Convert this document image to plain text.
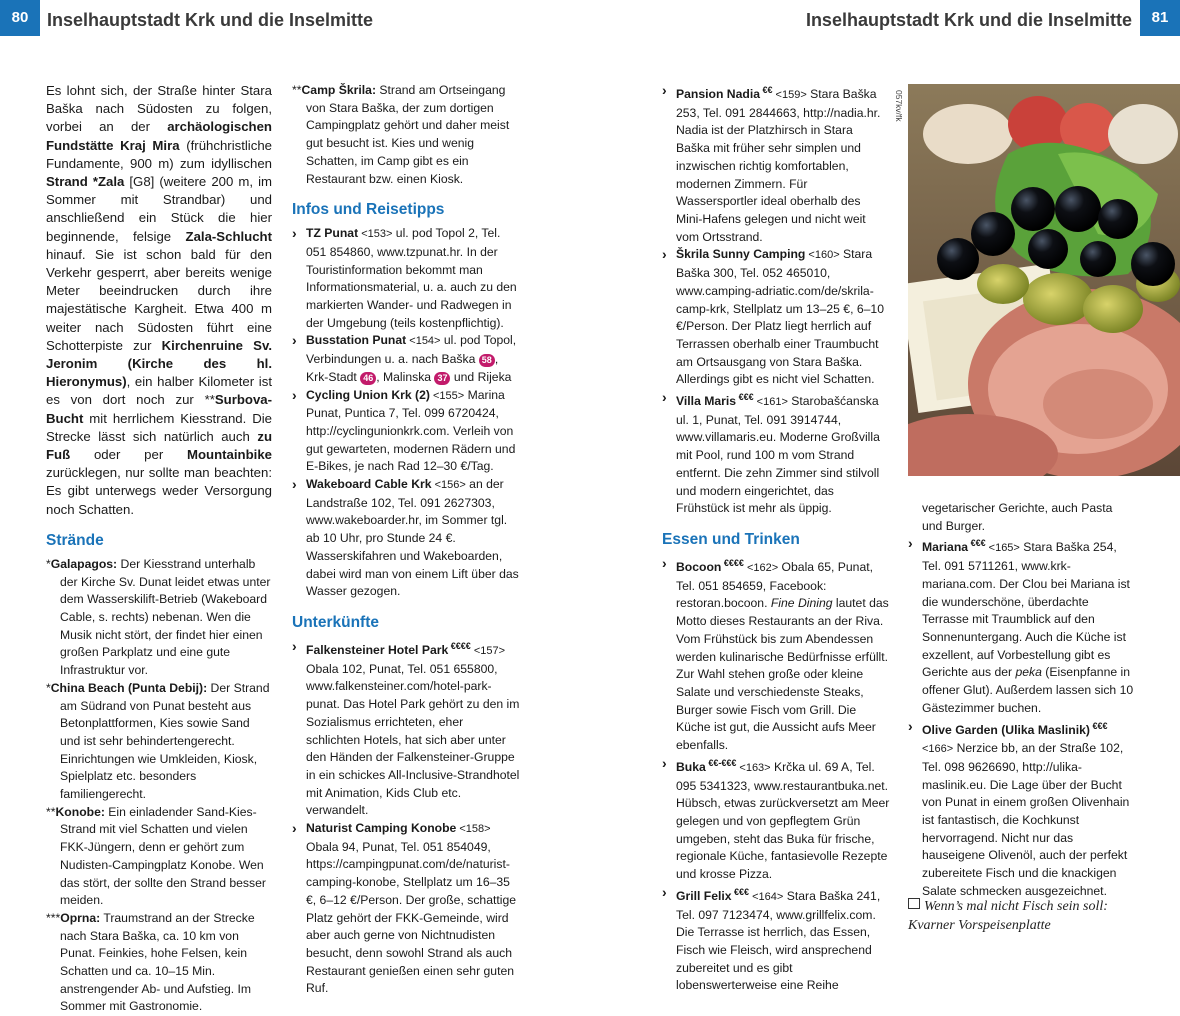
80	Inselhauptstadt Krk und die Inselmitte	Inselhauptstadt Krk und die Inselmitte	81

Es lohnt sich, der Straße hinter Stara Baška nach Südosten zu folgen, vorbei an der archäologischen Fundstätte Kraj Mira (frühchristliche Fundamente, 900 m) zum idyllischen Strand *Zala [G8] (weitere 200 m, im Sommer mit Strandbar) und anschließend ein Stück die hier beginnende, felsige Zala-Schlucht hinauf. Sie ist schon bald für den Verkehr gesperrt, aber bereits wenige Meter beeindrucken durch ihre majestätische Kargheit. Etwa 400 m weiter nach Südosten führt eine Schotterpiste zur Kirchenruine Sv. Jeronim (Kirche des hl. Hieronymus), ein halber Kilometer ist es von dort noch zur **Surbova-Bucht mit herrlichem Kiesstrand. Die Strecke lässt sich natürlich auch zu Fuß oder per Mountainbike zurücklegen, nur sollte man beachten: Es gibt unterwegs weder Versorgung noch Schatten.

Strände

*Galapagos: Der Kiesstrand unterhalb der Kirche Sv. Dunat leidet etwas unter dem Wasserskilift-Betrieb (Wakeboard Cable, s. rechts) nebenan. Wen die Musik nicht stört, der findet hier einen großen Parkplatz und eine gute Infrastruktur vor.

*China Beach (Punta Debij): Der Strand am Südrand von Punat besteht aus Betonplattformen, Kies sowie Sand und ist sehr behindertengerecht. Einrichtungen wie Umkleiden, Kiosk, Spielplatz etc. besonders familiengerecht.

**Konobe: Ein einladender Sand-Kies-Strand mit viel Schatten und vielen FKK-Jüngern, denn er gehört zum Nudisten-Campingplatz Konobe. Wen das stört, der sollte den Strand besser meiden.

***Oprna: Traumstrand an der Strecke nach Stara Baška, ca. 10 km von Punat. Feinkies, hohe Felsen, kein Schatten und ca. 10–15 Min. anstrengender Ab- und Aufstieg. Im Sommer mit Gastronomie.

**Camp Škrila: Strand am Ortseingang von Stara Baška, der zum dortigen Campingplatz gehört und daher meist gut besucht ist. Kies und wenig Schatten, im Camp gibt es ein Restaurant bzw. einen Kiosk.

Infos und Reisetipps

› TZ Punat <153> ul. pod Topol 2, Tel. 051 854860, www.tzpunat.hr. In der Touristinformation bekommt man Informationsmaterial, u. a. auch zu den markierten Wander- und Radwegen in der Umgebung (teils kostenpflichtig).

› Busstation Punat <154> ul. pod Topol, Verbindungen u. a. nach Baška 58 , Krk-Stadt 46 , Malinska 37 und Rijeka

› Cycling Union Krk (2) <155> Marina Punat, Puntica 7, Tel. 099 6720424, http://cyclingunionkrk.com. Verleih von gut gewarteten, modernen Rädern und E-Bikes, je nach Rad 12–30 €/Tag.

› Wakeboard Cable Krk <156> an der Landstraße 102, Tel. 091 2627303, www.wakeboarder.hr, im Sommer tgl. ab 10 Uhr, pro Stunde 24 €. Wasserskifahren und Wakeboarden, dabei wird man von einem Lift über das Wasser gezogen.

Unterkünfte

› Falkensteiner Hotel Park €€€€ <157> Obala 102, Punat, Tel. 051 655800, www.falkensteiner.com/hotel-park-punat. Das Hotel Park gehört zu den im Sozialismus errichteten, eher schlichten Hotels, hat sich aber unter den Händen der Falkensteiner-Gruppe in ein schickes All-Inclusive-Strandhotel mit Animation, Kids Club etc. verwandelt.

› Naturist Camping Konobe <158> Obala 94, Punat, Tel. 051 854049, https://campingpunat.com/de/naturist-camping-konobe, Stellplatz um 16–35 €, 6–12 €/Person. Der große, schattige Platz gehört der FKK-Gemeinde, wird aber auch gerne von Nichtnudisten besucht, denn sowohl Strand als auch Restaurant genießen einen sehr guten Ruf.

› Pansion Nadia €€ <159> Stara Baška 253, Tel. 091 2844663, http://nadia.hr. Nadia ist der Platzhirsch in Stara Baška mit früher sehr simplen und inzwischen richtig komfortablen, modernen Zimmern. Für Wassersportler ideal oberhalb des Mini-Hafens gelegen und nicht weit vom Ortsstrand.

› Škrila Sunny Camping <160> Stara Baška 300, Tel. 052 465010, www.camping-adriatic.com/de/skrila-camp-krk, Stellplatz um 13–25 €, 6–10 €/Person. Der Platz liegt herrlich auf Terrassen oberhalb einer Traumbucht am Ortsausgang von Stara Baška. Allerdings gibt es nicht viel Schatten.

› Villa Maris €€€ <161> Starobašćanska ul. 1, Punat, Tel. 091 3914744, www.villamaris.eu. Moderne Großvilla mit Pool, rund 100 m vom Strand entfernt. Die zehn Zimmer sind stilvoll und modern eingerichtet, das Frühstück ist mehr als üppig.

Essen und Trinken

› Bocoon €€€€ <162> Obala 65, Punat, Tel. 051 854659, Facebook: restoran.bocoon. Fine Dining lautet das Motto dieses Restaurants an der Riva. Vom Frühstück bis zum Abendessen werden kulinarische Bedürfnisse erfüllt. Zur Wahl stehen große oder kleine Salate und verschiedenste Steaks, Burger sowie Fisch vom Grill. Die Küche ist gut, die Aussicht aufs Meer ebenfalls.

› Buka €€-€€€ <163> Krčka ul. 69 A, Tel. 095 5341323, www.restaurantbuka.net. Hübsch, etwas zurückversetzt am Meer gelegen und von gepflegtem Grün umgeben, steht das Buka für frische, regionale Küche, fantasievolle Rezepte und krosse Pizza.

› Grill Felix €€€ <164> Stara Baška 241, Tel. 097 7123474, www.grillfelix.com. Die Terrasse ist herrlich, das Essen, Fisch wie Fleisch, wird ansprechend zubereitet und es gibt lobenswerterweise eine Reihe

057kv/fk

vegetarischer Gerichte, auch Pasta und Burger.

› Mariana €€€ <165> Stara Baška 254, Tel. 091 5711261, www.krk-mariana.com. Der Clou bei Mariana ist die wunderschöne, überdachte Terrasse mit Traumblick auf den Sonnenuntergang. Auch die Küche ist exzellent, auf Vorbestellung gibt es Gerichte aus der peka (Eisenpfanne in offener Glut). Außerdem lassen sich 10 Gästezimmer buchen.

› Olive Garden (Ulika Maslinik) €€€ <166> Nerzice bb, an der Straße 102, Tel. 098 9626690, http://ulika-maslinik.eu. Die Lage über der Bucht von Punat in einem großen Olivenhain ist fantastisch, die Kochkunst hervorragend. Nicht nur das hauseigene Olivenöl, auch der perfekt zubereitete Fisch und die knackigen Salate schmecken ausgezeichnet.

Wenn’s mal nicht Fisch sein soll: Kvarner Vorspeisenplatte
